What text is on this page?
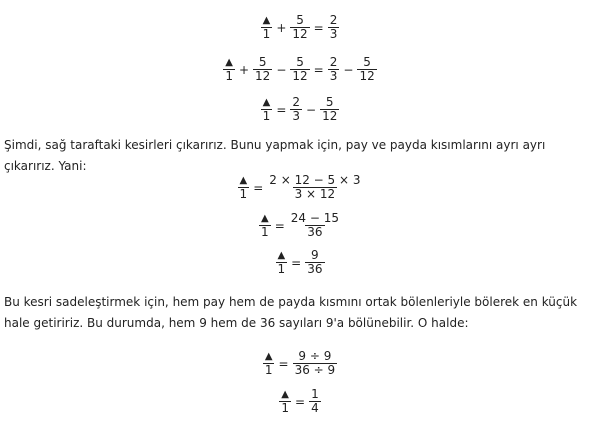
$\frac{▲}{1} + \frac{5}{12} = \frac{2}{3}$
$\frac{▲}{1} + \frac{5}{12} - \frac{5}{12} = \frac{2}{3} - \frac{5}{12}$
$\frac{▲}{1} = \frac{2}{3} - \frac{5}{12}$
Şimdi, sağ taraftaki kesirleri çıkarırız. Bunu yapmak için, pay ve payda kısımlarını ayrı ayrı çıkarırız. Yani:
$\frac{▲}{1} = \frac{2 \times 12 - 5 \times 3}{3 \times 12}$
$\frac{▲}{1} = \frac{24 - 15}{36}$
$\frac{▲}{1} = \frac{9}{36}$
Bu kesri sadeleştirmek için, hem pay hem de payda kısmını ortak bölenleriyle bölerek en küçük hale getiririz. Bu durumda, hem 9 hem de 36 sayıları 9'a bölünebilir. O halde:
$\frac{▲}{1} = \frac{9 \div 9}{36 \div 9}$
$\frac{▲}{1} = \frac{1}{4}$
